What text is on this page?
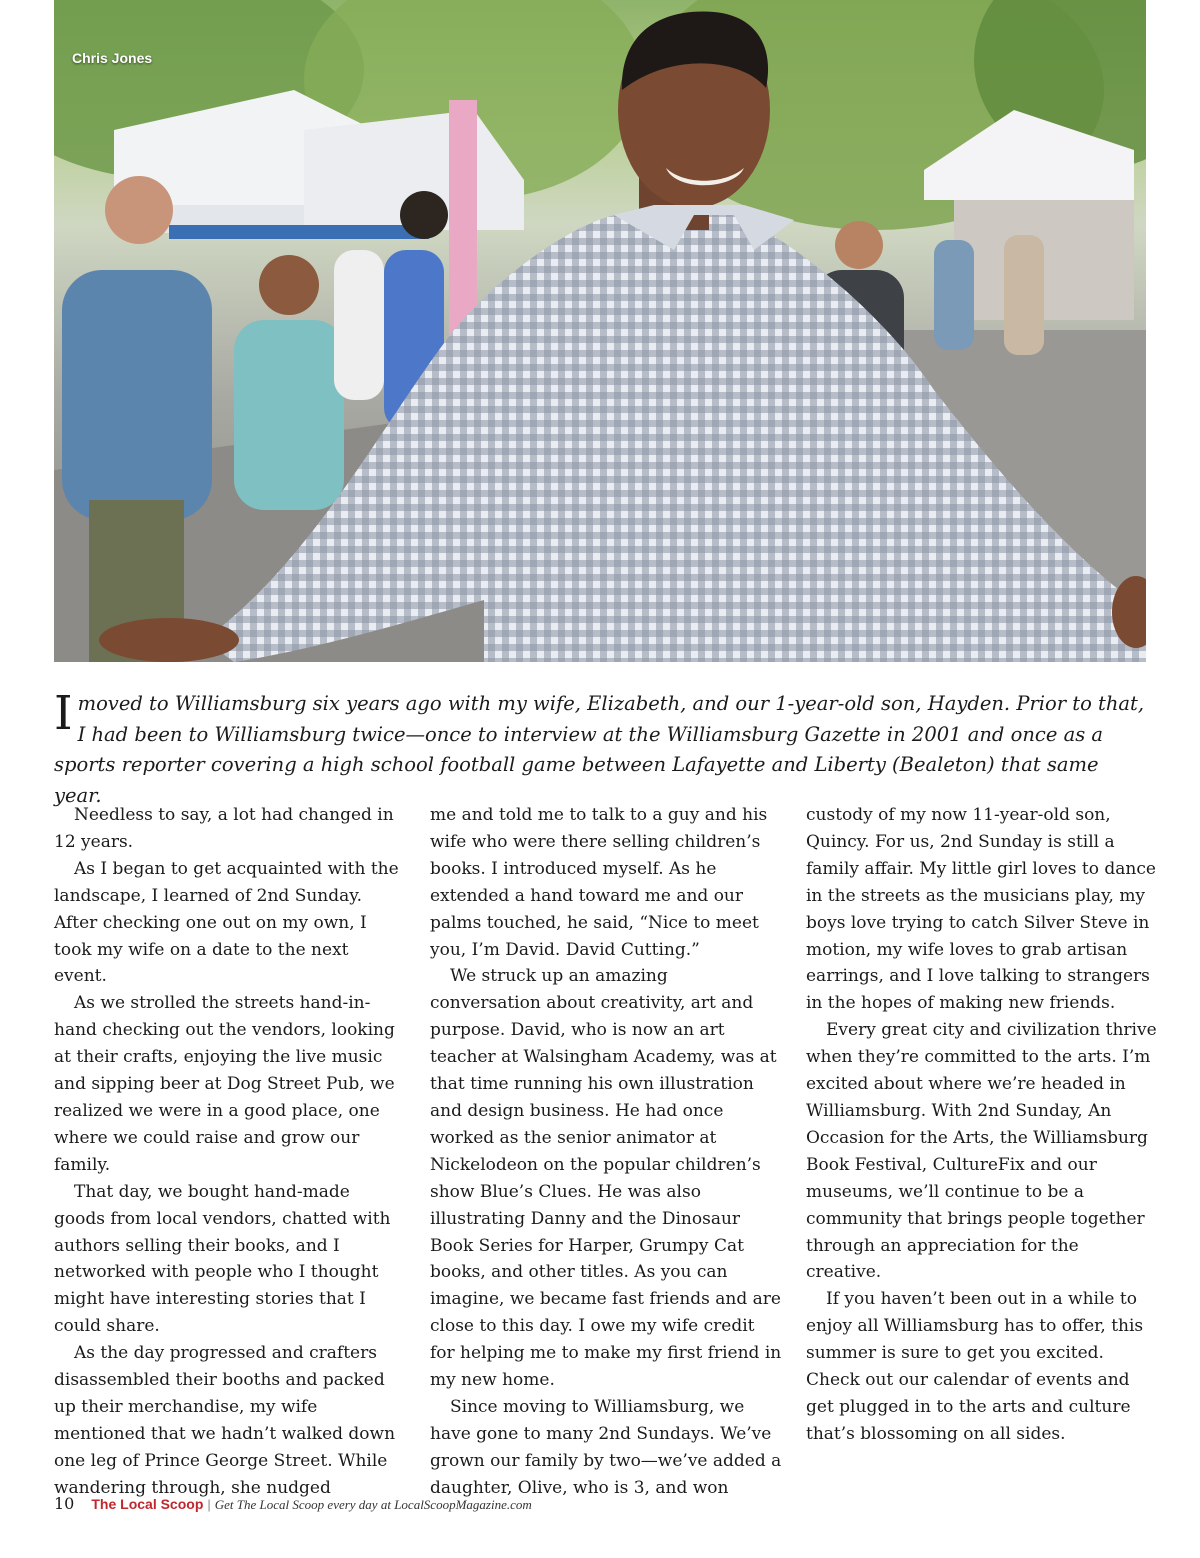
Chris Jones
Imoved to Williamsburg six years ago with my wife, Elizabeth, and our 1-year-old son, Hayden. Prior to that, I had been to Williamsburg twice—once to interview at the Williamsburg Gazette in 2001 and once as a sports reporter covering a high school football game between Lafayette and Liberty (Bealeton) that same year.

Needless to say, a lot had changed in 12 years.

As I began to get acquainted with the landscape, I learned of 2nd Sunday. After checking one out on my own, I took my wife on a date to the next event.

As we strolled the streets hand-in-hand checking out the vendors, looking at their crafts, enjoying the live music and sipping beer at Dog Street Pub, we realized we were in a good place, one where we could raise and grow our family.

That day, we bought hand-made goods from local vendors, chatted with authors selling their books, and I networked with people who I thought might have interesting stories that I could share.

As the day progressed and crafters disassembled their booths and packed up their merchandise, my wife mentioned that we hadn’t walked down one leg of Prince George Street. While wandering through, she nudged

me and told me to talk to a guy and his wife who were there selling children’s books. I introduced myself. As he extended a hand toward me and our palms touched, he said, “Nice to meet you, I’m David. David Cutting.”

We struck up an amazing conversation about creativity, art and purpose. David, who is now an art teacher at Walsingham Academy, was at that time running his own illustration and design business. He had once worked as the senior animator at Nickelodeon on the popular children’s show Blue’s Clues. He was also illustrating Danny and the Dinosaur Book Series for Harper, Grumpy Cat books, and other titles. As you can imagine, we became fast friends and are close to this day. I owe my wife credit for helping me to make my first friend in my new home.

Since moving to Williamsburg, we have gone to many 2nd Sundays. We’ve grown our family by two—we’ve added a daughter, Olive, who is 3, and won

custody of my now 11-year-old son, Quincy. For us, 2nd Sunday is still a family affair. My little girl loves to dance in the streets as the musicians play, my boys love trying to catch Silver Steve in motion, my wife loves to grab artisan earrings, and I love talking to strangers in the hopes of making new friends.

Every great city and civilization thrive when they’re committed to the arts. I’m excited about where we’re headed in Williamsburg. With 2nd Sunday, An Occasion for the Arts, the Williamsburg Book Festival, CultureFix and our museums, we’ll continue to be a community that brings people together through an appreciation for the creative.

If you haven’t been out in a while to enjoy all Williamsburg has to offer, this summer is sure to get you excited. Check out our calendar of events and get plugged in to the arts and culture that’s blossoming on all sides.

10 The Local Scoop | Get The Local Scoop every day at LocalScoopMagazine.com
